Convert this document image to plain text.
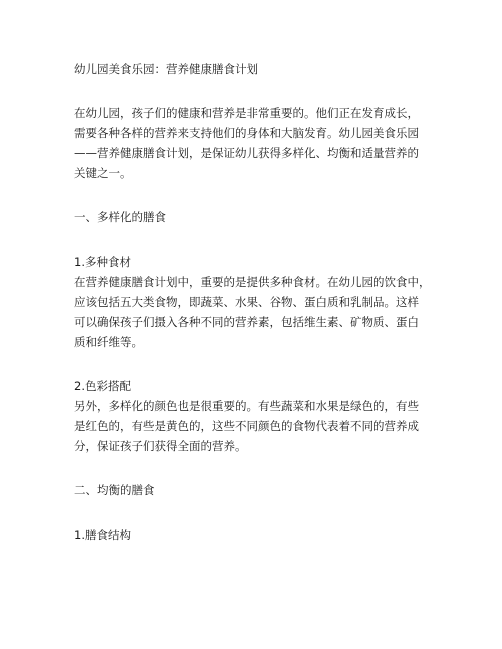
幼儿园美食乐园：营养健康膳食计划
在幼儿园，孩子们的健康和营养是非常重要的。他们正在发育成长，
需要各种各样的营养来支持他们的身体和大脑发育。幼儿园美食乐园
——营养健康膳食计划，是保证幼儿获得多样化、均衡和适量营养的
关键之一。
一、多样化的膳食
1.多种食材
在营养健康膳食计划中，重要的是提供多种食材。在幼儿园的饮食中，
应该包括五大类食物，即蔬菜、水果、谷物、蛋白质和乳制品。这样
可以确保孩子们摄入各种不同的营养素，包括维生素、矿物质、蛋白
质和纤维等。
2.色彩搭配
另外，多样化的颜色也是很重要的。有些蔬菜和水果是绿色的，有些
是红色的，有些是黄色的，这些不同颜色的食物代表着不同的营养成
分，保证孩子们获得全面的营养。
二、均衡的膳食
1.膳食结构
